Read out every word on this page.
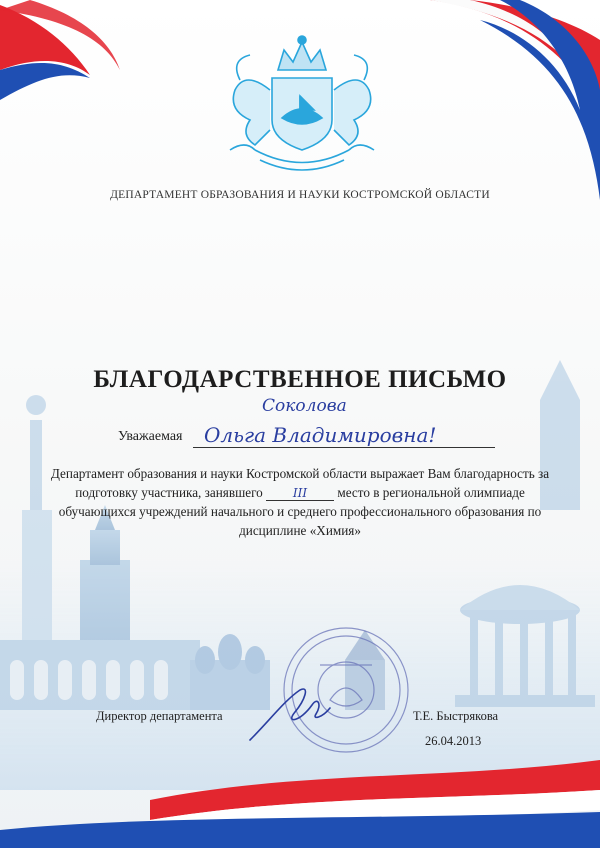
ДЕПАРТАМЕНТ ОБРАЗОВАНИЯ И НАУКИ КОСТРОМСКОЙ ОБЛАСТИ
БЛАГОДАРСТВЕННОЕ ПИСЬМО
Соколова
Уважаемая Ольга Владимировна!
Департамент образования и науки Костромской области выражает Вам благодарность за подготовку участника, занявшего	III место в региональной олимпиаде обучающихся учреждений начального и среднего профессионального образования по дисциплине «Химия»
Директор департамента	Т.Е. Быстрякова
26.04.2013
